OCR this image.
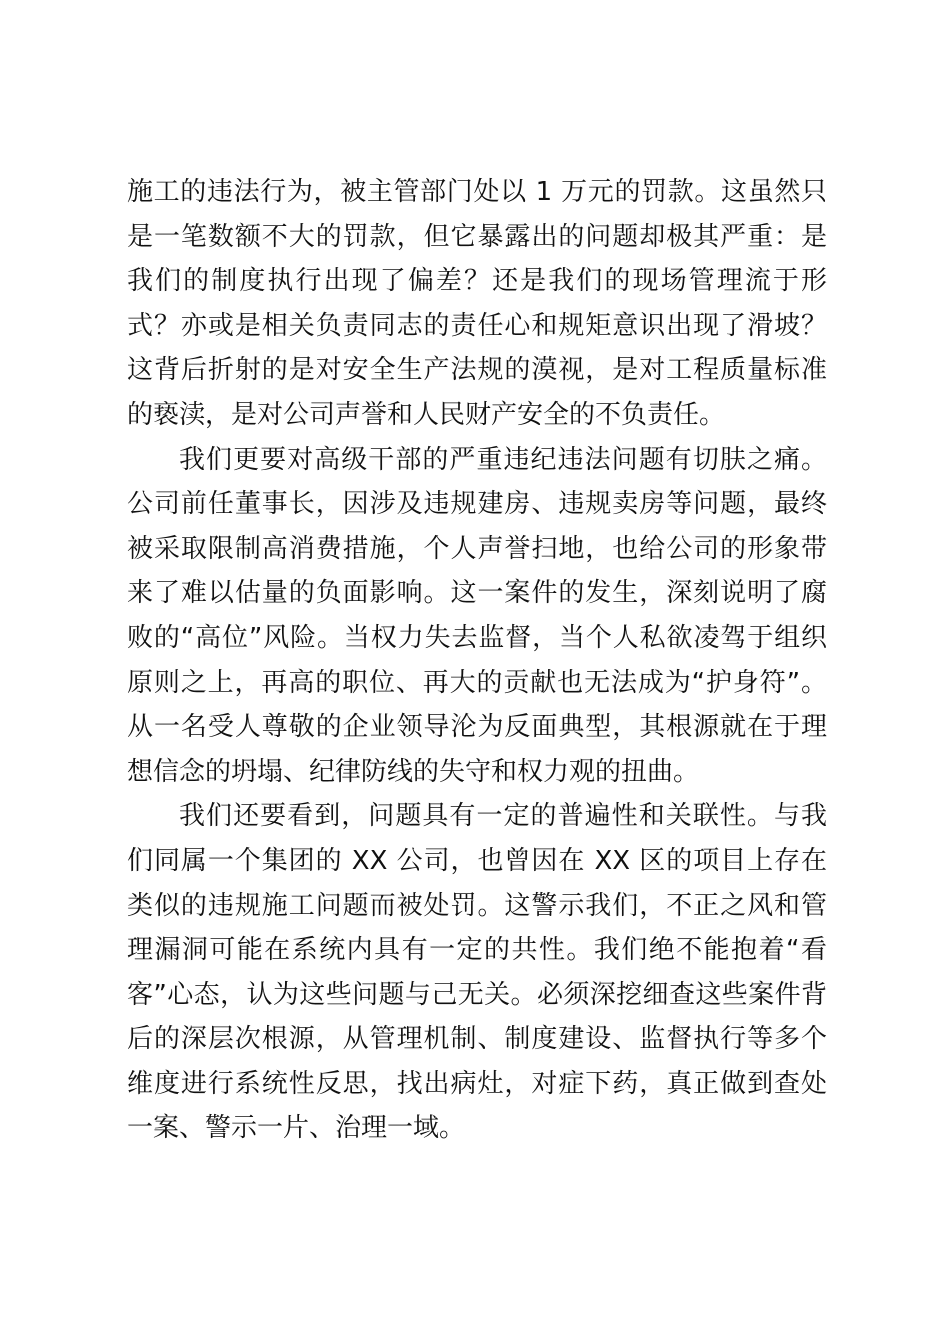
施工的违法行为，被主管部门处以 1 万元的罚款。这虽然只是一笔数额不大的罚款，但它暴露出的问题却极其严重：是我们的制度执行出现了偏差？还是我们的现场管理流于形式？亦或是相关负责同志的责任心和规矩意识出现了滑坡？这背后折射的是对安全生产法规的漠视，是对工程质量标准的亵渎，是对公司声誉和人民财产安全的不负责任。

我们更要对高级干部的严重违纪违法问题有切肤之痛。公司前任董事长，因涉及违规建房、违规卖房等问题，最终被采取限制高消费措施，个人声誉扫地，也给公司的形象带来了难以估量的负面影响。这一案件的发生，深刻说明了腐败的“高位”风险。当权力失去监督，当个人私欲凌驾于组织原则之上，再高的职位、再大的贡献也无法成为“护身符”。从一名受人尊敬的企业领导沦为反面典型，其根源就在于理想信念的坍塌、纪律防线的失守和权力观的扭曲。

我们还要看到，问题具有一定的普遍性和关联性。与我们同属一个集团的 XX 公司，也曾因在 XX 区的项目上存在类似的违规施工问题而被处罚。这警示我们，不正之风和管理漏洞可能在系统内具有一定的共性。我们绝不能抱着“看客”心态，认为这些问题与己无关。必须深挖细查这些案件背后的深层次根源，从管理机制、制度建设、监督执行等多个维度进行系统性反思，找出病灶，对症下药，真正做到查处一案、警示一片、治理一域。
